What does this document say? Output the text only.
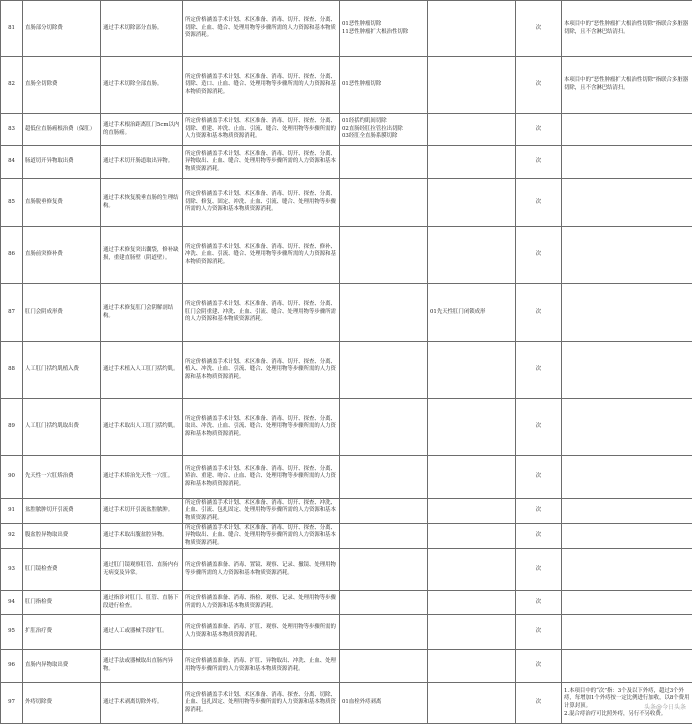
81	直肠部分切除费	通过手术切除部分直肠。	所定价格涵盖手术计划、术区准备、消毒、切开、探查、分离、切除、止血、缝合、处理用物等步骤所需的人力资源和基本物质资源消耗。	01恶性肿瘤切除
11恶性肿瘤扩大根治性切除		次	本项目中的“恶性肿瘤扩大根治性切除”指联合多脏器切除，且不含淋巴结清扫。
82	直肠全切除费	通过手术切除全部直肠。	所定价格涵盖手术计划、术区准备、消毒、切开、探查、分离、切除、造口、止血、缝合、处理用物等步骤所需的人力资源和基本物质资源消耗。	01恶性肿瘤切除		次	本项目中的“恶性肿瘤扩大根治性切除”指联合多脏器切除，且不含淋巴结清扫。
83	超低位直肠癌根治费（保肛）	通过手术根治距离肛门5cm以内的直肠癌。	所定价格涵盖手术计划、术区准备、消毒、切开、探查、分离、切除、重建、冲洗、止血、引流、缝合、处理用物等步骤所需的人力资源和基本物质资源消耗。	01经括约肌间切除
02直肠经肛拉管拉出切除
03经肛全直肠系膜切除		次	
84	肠道切开异物取出费	通过手术切开肠道取出异物。	所定价格涵盖手术计划、术区准备、消毒、切开、探查、分离、异物取出、止血、缝合、处理用物等步骤所需的人力资源和基本物质资源消耗。			次	
85	直肠脱垂修复费	通过手术恢复脱垂直肠的生理结构。	所定价格涵盖手术计划、术区准备、消毒、切开、探查、分离、切除、修复、固定、冲洗、止血、引流、缝合、处理用物等步骤所需的人力资源和基本物质资源消耗。			次	
86	直肠前突修补费	通过手术修复突出囊袋，修补缺损，重建直肠壁（阴道壁）。	所定价格涵盖手术计划、术区准备、消毒、切开、探查、修补、冲洗、止血、引流、缝合、处理用物等步骤所需的人力资源和基本物质资源消耗。			次	
87	肛门会阴成形费	通过手术修复肛门会阴解剖结构。	所定价格涵盖手术计划、术区准备、消毒、切开、探查、分离、肛门会阴重建、冲洗、止血、引流、缝合、处理用物等步骤所需的人力资源和基本物质资源消耗。		01先天性肛门闭锁成形	次	
88	人工肛门括约肌植入费	通过手术植入人工肛门括约肌。	所定价格涵盖手术计划、术区准备、消毒、切开、探查、分离、植入、冲洗、止血、引流、缝合、处理用物等步骤所需的人力资源和基本物质资源消耗。			次	
89	人工肛门括约肌取出费	通过手术取出人工肛门括约肌。	所定价格涵盖手术计划、术区准备、消毒、切开、探查、分离、取出、冲洗、止血、引流、缝合、处理用物等步骤所需的人力资源和基本物质资源消耗。			次	
90	先天性一穴肛矫治费	通过手术矫治先天性一穴肛。	所定价格涵盖手术计划、术区准备、消毒、切开、探查、分离、矫治、重建、吻合、止血、缝合、处理用物等步骤所需的人力资源和基本物质资源消耗。			次	
91	盆腔脓肿切开引流费	通过手术切开引流盆腔脓肿。	所定价格涵盖手术计划、术区准备、消毒、切开、探查、冲洗、止血、引流、包扎固定、处理用物等步骤所需的人力资源和基本物质资源消耗。			次	
92	腹盆腔异物取出费	通过手术取出腹盆腔异物。	所定价格涵盖手术计划、术区准备、消毒、切开、探查、分离、异物取出、止血、缝合、处理用物等步骤所需的人力资源和基本物质资源消耗。			次	
93	肛门镜检查费	通过肛门镜观察肛管、直肠内有无病变及异常。	所定价格涵盖准备、消毒、置镜、观察、记录、撤镜、处理用物等步骤所需的人力资源和基本物质资源消耗。			次	
94	肛门指检费	通过指诊对肛门、肛管、直肠下段进行检查。	所定价格涵盖准备、消毒、指检、观察、记录、处理用物等步骤所需的人力资源和基本物质资源消耗。			次	
95	扩肛治疗费	通过人工或器械手段扩肛。	所定价格涵盖准备、消毒、扩肛、观察、处理用物等步骤所需的人力资源和基本物质资源消耗。			次	
96	直肠内异物取出费	通过手法或器械取出直肠内异物。	所定价格涵盖准备、消毒、扩肛、异物取出、冲洗、止血、处理用物等步骤所需的人力资源和基本物质资源消耗。			次	
97	外痔切除费	通过手术剥离切除外痔。	所定价格涵盖手术计划、术区准备、消毒、探查、分离、切除、止血、包扎固定、处理用物等步骤所需的人力资源和基本物质资源消耗。	01血栓外痔剥离		次	1.本项目中的“次”指：3个及以下外痔，超过3个外痔，每增加1个外痔按一定比例进行加收，以8个费用计算封顶。
2.混合痔治疗可比照外痔，另行不另收费。
头条@今日头条
